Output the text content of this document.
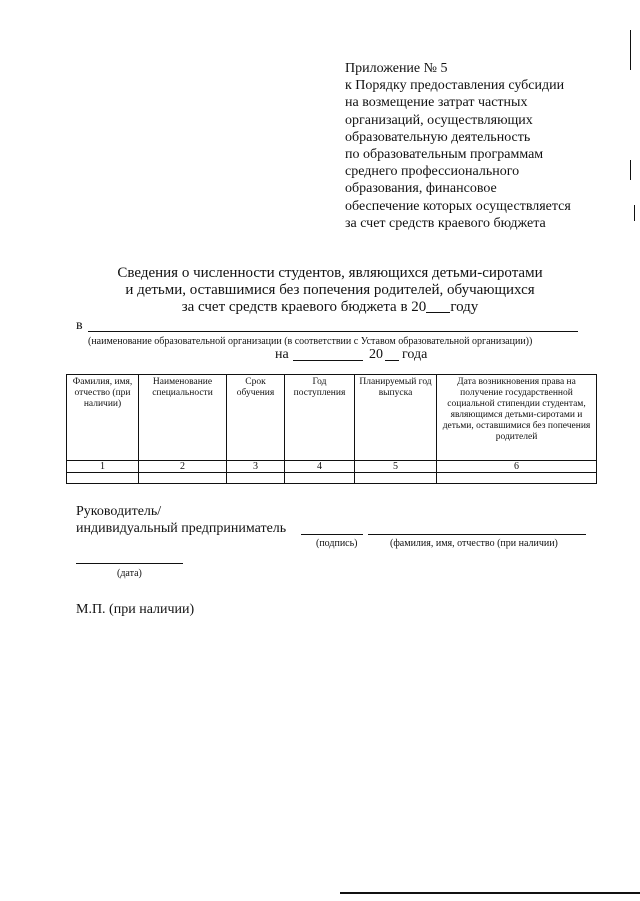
Приложение № 5
к Порядку предоставления субсидии
на возмещение затрат частных
организаций, осуществляющих
образовательную деятельность
по образовательным программам
среднего профессионального
образования, финансовое
обеспечение которых осуществляется
за счет средств краевого бюджета
Сведения о численности студентов, являющихся детьми-сиротами
и детьми, оставшимися без попечения родителей, обучающихся
за счет средств краевого бюджета в 20 году
в
(наименование образовательной организации (в соответствии с Уставом образовательной организации))
на	20 года
Фамилия, имя, отчество (при наличии)	Наименование специальности	Срок обучения	Год поступления	Планируемый год выпуска	Дата возникновения права на получение государственной социальной стипендии студентам, являющимся детьми-сиротами и детьми, оставшимися без попечения родителей
1	2	3	4	5	6

Руководитель/
индивидуальный предприниматель
(подпись)	(фамилия, имя, отчество (при наличии)
(дата)
М.П. (при наличии)
